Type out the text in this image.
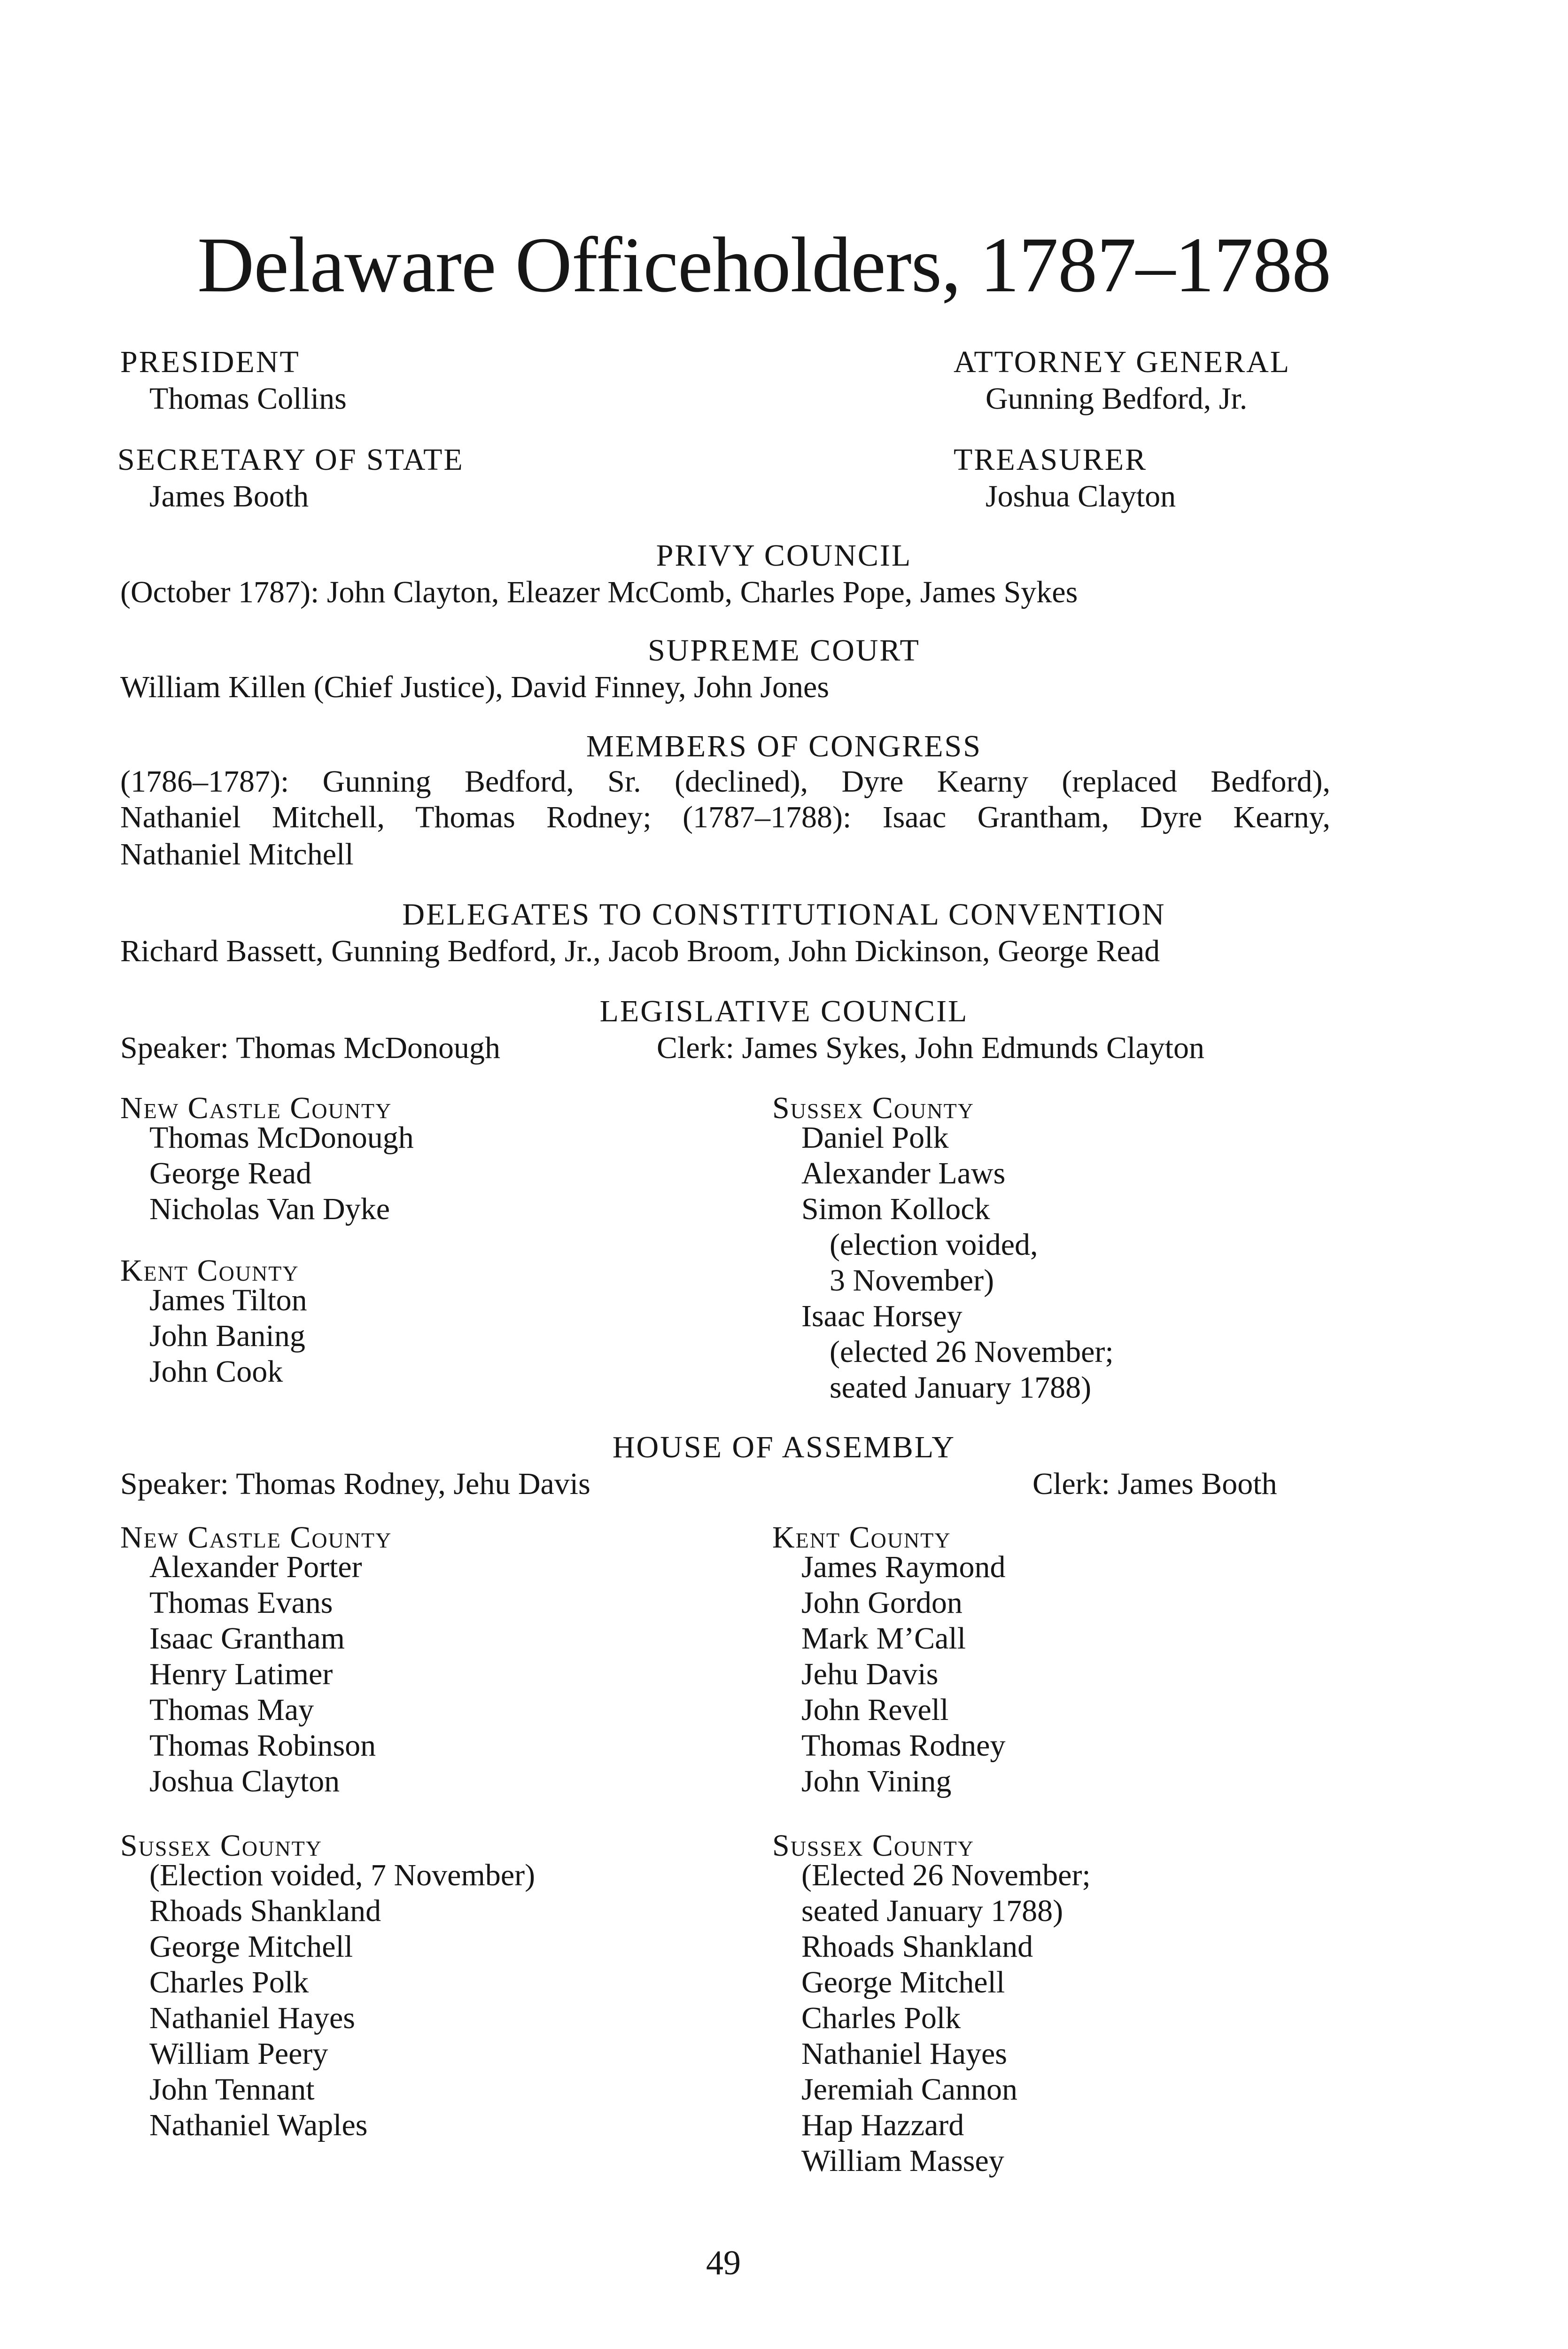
Delaware Officeholders, 1787–1788
PRESIDENT
Thomas Collins
ATTORNEY GENERAL
Gunning Bedford, Jr.
SECRETARY OF STATE
James Booth
TREASURER
Joshua Clayton
PRIVY COUNCIL
(October 1787): John Clayton, Eleazer McComb, Charles Pope, James Sykes
SUPREME COURT
William Killen (Chief Justice), David Finney, John Jones
MEMBERS OF CONGRESS
(1786–1787): Gunning Bedford, Sr. (declined), Dyre Kearny (replaced Bedford),
Nathaniel Mitchell, Thomas Rodney; (1787–1788): Isaac Grantham, Dyre Kearny,
Nathaniel Mitchell
DELEGATES TO CONSTITUTIONAL CONVENTION
Richard Bassett, Gunning Bedford, Jr., Jacob Broom, John Dickinson, George Read
LEGISLATIVE COUNCIL
Speaker: Thomas McDonough	Clerk: James Sykes, John Edmunds Clayton
New Castle County
Thomas McDonough
George Read
Nicholas Van Dyke
Kent County
James Tilton
John Baning
John Cook
Sussex County
Daniel Polk
Alexander Laws
Simon Kollock
(election voided,
3 November)
Isaac Horsey
(elected 26 November;
seated January 1788)
HOUSE OF ASSEMBLY
Speaker: Thomas Rodney, Jehu Davis	Clerk: James Booth
New Castle County
Alexander Porter
Thomas Evans
Isaac Grantham
Henry Latimer
Thomas May
Thomas Robinson
Joshua Clayton
Kent County
James Raymond
John Gordon
Mark M’Call
Jehu Davis
John Revell
Thomas Rodney
John Vining
Sussex County
(Election voided, 7 November)
Rhoads Shankland
George Mitchell
Charles Polk
Nathaniel Hayes
William Peery
John Tennant
Nathaniel Waples
Sussex County
(Elected 26 November;
seated January 1788)
Rhoads Shankland
George Mitchell
Charles Polk
Nathaniel Hayes
Jeremiah Cannon
Hap Hazzard
William Massey
49
